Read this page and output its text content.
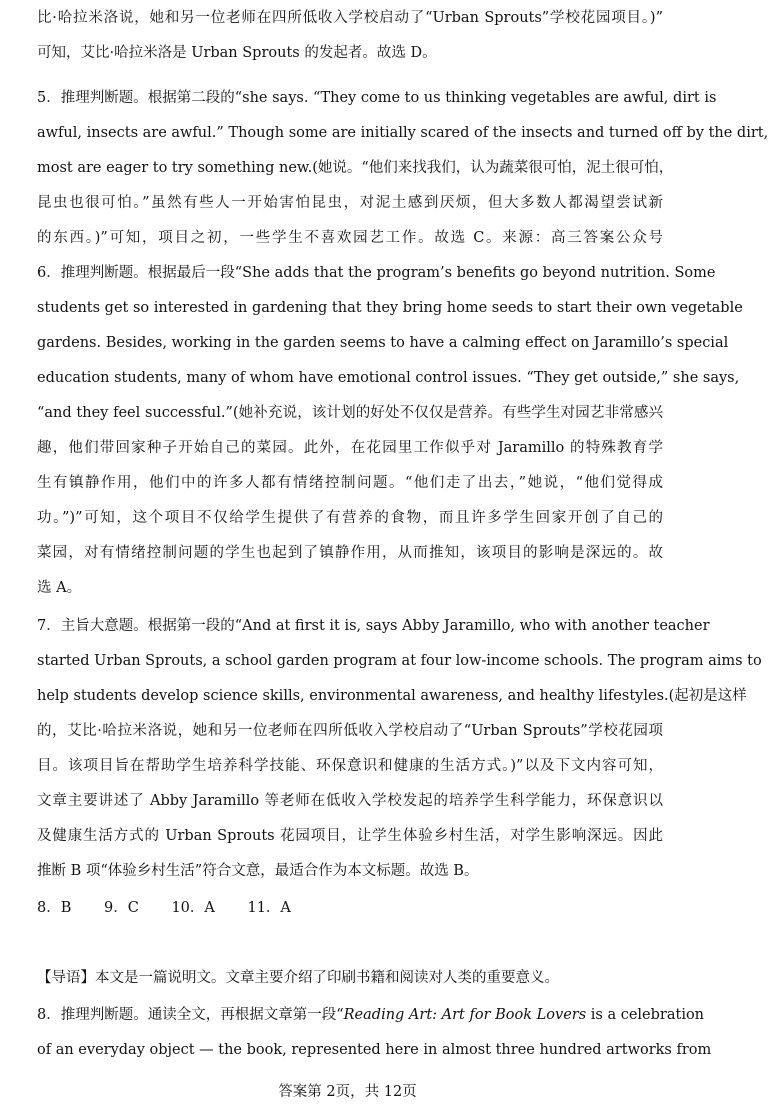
比·哈拉米洛说，她和另一位老师在四所低收入学校启动了“Urban Sprouts”学校花园项目。)”
可知，艾比·哈拉米洛是 Urban Sprouts 的发起者。故选 D。
5．推理判断题。根据第二段的“she says. “They come to us thinking vegetables are awful, dirt is
awful, insects are awful.” Though some are initially scared of the insects and turned off by the dirt,
most are eager to try something new.(她说。“他们来找我们，认为蔬菜很可怕，泥土很可怕，
昆虫也很可怕。”虽然有些人一开始害怕昆虫，对泥土感到厌烦，但大多数人都渴望尝试新
的东西。)”可知，项目之初，一些学生不喜欢园艺工作。故选 C。来源：高三答案公众号
6．推理判断题。根据最后一段“She adds that the program’s benefits go beyond nutrition. Some
students get so interested in gardening that they bring home seeds to start their own vegetable
gardens. Besides, working in the garden seems to have a calming effect on Jaramillo’s special
education students, many of whom have emotional control issues. “They get outside,” she says,
“and they feel successful.”(她补充说，该计划的好处不仅仅是营养。有些学生对园艺非常感兴
趣，他们带回家种子开始自己的菜园。此外，在花园里工作似乎对 Jaramillo 的特殊教育学
生有镇静作用，他们中的许多人都有情绪控制问题。“他们走了出去，”她说，“他们觉得成
功。”)”可知，这个项目不仅给学生提供了有营养的食物，而且许多学生回家开创了自己的
菜园，对有情绪控制问题的学生也起到了镇静作用，从而推知，该项目的影响是深远的。故
选 A。
7．主旨大意题。根据第一段的“And at first it is, says Abby Jaramillo, who with another teacher
started Urban Sprouts, a school garden program at four low-income schools. The program aims to
help students develop science skills, environmental awareness, and healthy lifestyles.(起初是这样
的，艾比·哈拉米洛说，她和另一位老师在四所低收入学校启动了“Urban Sprouts”学校花园项
目。该项目旨在帮助学生培养科学技能、环保意识和健康的生活方式。)”以及下文内容可知，
文章主要讲述了 Abby Jaramillo 等老师在低收入学校发起的培养学生科学能力，环保意识以
及健康生活方式的 Urban Sprouts 花园项目，让学生体验乡村生活，对学生影响深远。因此
推断 B 项“体验乡村生活”符合文意，最适合作为本文标题。故选 B。
8．B 9．C 10．A 11．A
【导语】本文是一篇说明文。文章主要介绍了印刷书籍和阅读对人类的重要意义。
8．推理判断题。通读全文，再根据文章第一段“Reading Art: Art for Book Lovers is a celebration
of an everyday object — the book, represented here in almost three hundred artworks from
答案第 2页，共 12页
